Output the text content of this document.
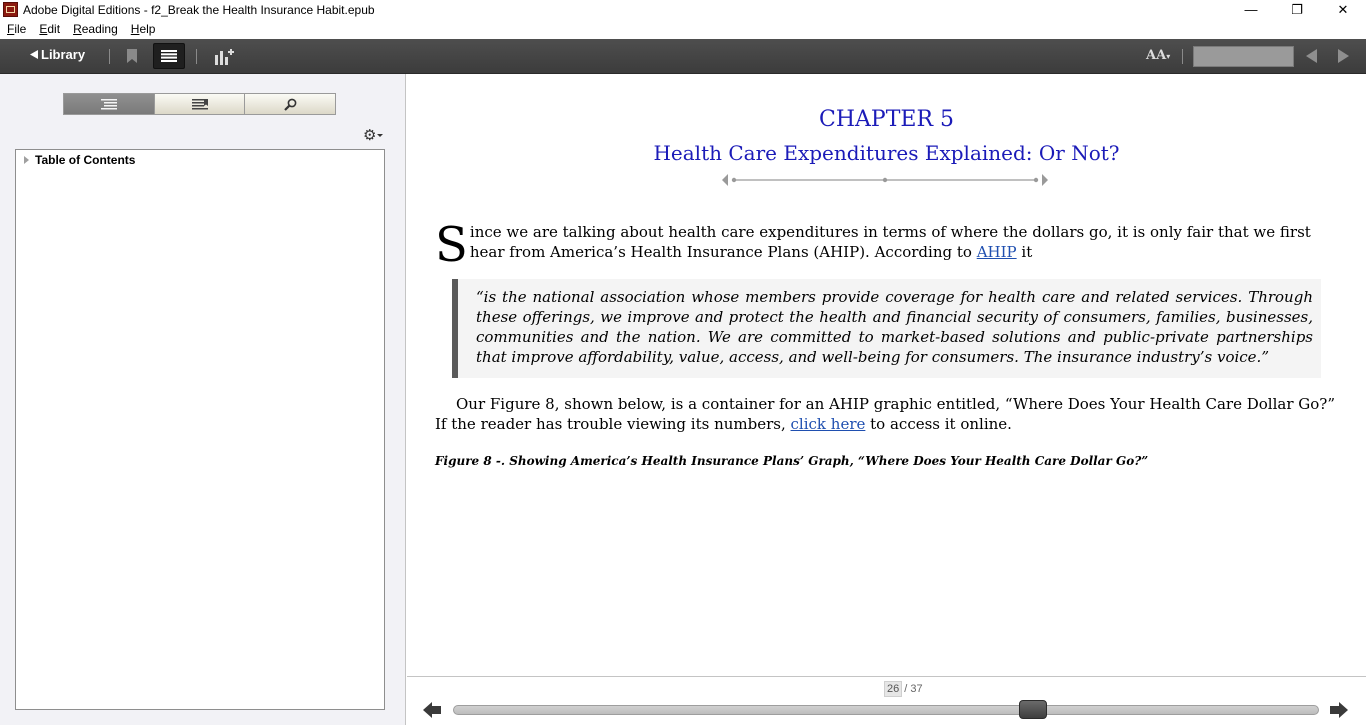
Adobe Digital Editions - f2_Break the Health Insurance Habit.epub	—	❐	✕
File	Edit	Reading	Help
Library	AA▾
⚙
Table of Contents
CHAPTER 5
Health Care Expenditures Explained: Or Not?
Since we are talking about health care expenditures in terms of where the dollars go, it is only fair that we first hear from America’s Health Insurance Plans (AHIP). According to AHIP it
“is the national association whose members provide coverage for health care and related services. Through these offerings, we improve and protect the health and financial security of consumers, families, businesses, communities and the nation. We are committed to market-based solutions and public-private partnerships that improve affordability, value, access, and well-being for consumers. The insurance industry’s voice.”
Our Figure 8, shown below, is a container for an AHIP graphic entitled, “Where Does Your Health Care Dollar Go?” If the reader has trouble viewing its numbers, click here to access it online.
Figure 8 -. Showing America’s Health Insurance Plans’ Graph, “Where Does Your Health Care Dollar Go?”
26 / 37
